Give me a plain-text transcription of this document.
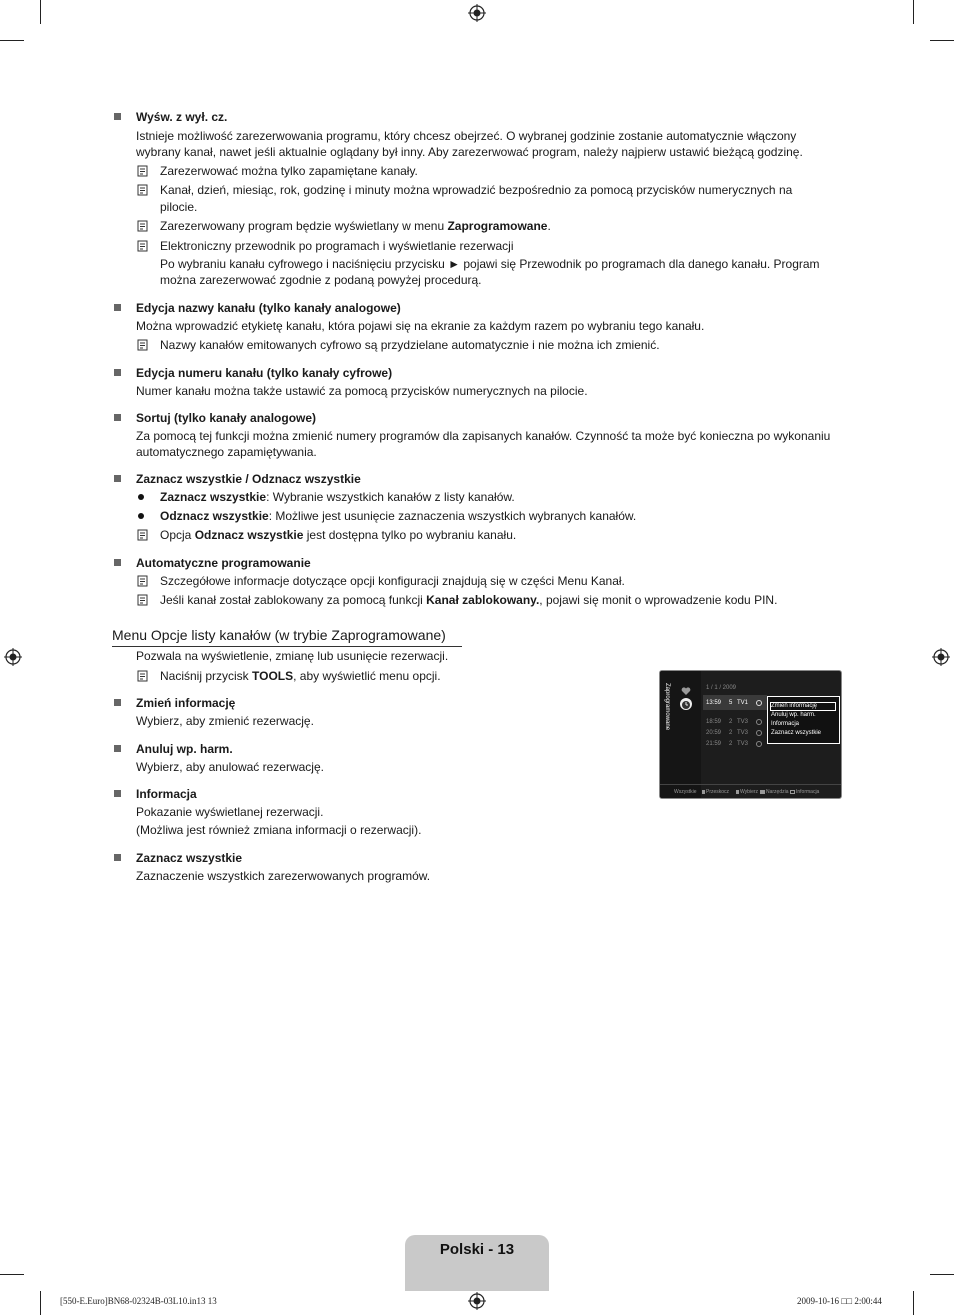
Wyśw. z wył. cz.
Istnieje możliwość zarezerwowania programu, który chcesz obejrzeć. O wybranej godzinie zostanie automatycznie włączony
wybrany kanał, nawet jeśli aktualnie oglądany był inny. Aby zarezerwować program, należy najpierw ustawić bieżącą godzinę.
Zarezerwować można tylko zapamiętane kanały.
Kanał, dzień, miesiąc, rok, godzinę i minuty można wprowadzić bezpośrednio za pomocą przycisków numerycznych na
pilocie.
Zarezerwowany program będzie wyświetlany w menu Zaprogramowane.
Elektroniczny przewodnik po programach i wyświetlanie rezerwacji
Po wybraniu kanału cyfrowego i naciśnięciu przycisku ► pojawi się Przewodnik po programach dla danego kanału. Program
można zarezerwować zgodnie z podaną powyżej procedurą.
Edycja nazwy kanału (tylko kanały analogowe)
Można wprowadzić etykietę kanału, która pojawi się na ekranie za każdym razem po wybraniu tego kanału.
Nazwy kanałów emitowanych cyfrowo są przydzielane automatycznie i nie można ich zmienić.
Edycja numeru kanału (tylko kanały cyfrowe)
Numer kanału można także ustawić za pomocą przycisków numerycznych na pilocie.
Sortuj (tylko kanały analogowe)
Za pomocą tej funkcji można zmienić numery programów dla zapisanych kanałów. Czynność ta może być konieczna po wykonaniu
automatycznego zapamiętywania.
Zaznacz wszystkie / Odznacz wszystkie
Zaznacz wszystkie: Wybranie wszystkich kanałów z listy kanałów.
Odznacz wszystkie: Możliwe jest usunięcie zaznaczenia wszystkich wybranych kanałów.
Opcja Odznacz wszystkie jest dostępna tylko po wybraniu kanału.
Automatyczne programowanie
Szczegółowe informacje dotyczące opcji konfiguracji znajdują się w części Menu Kanał.
Jeśli kanał został zablokowany za pomocą funkcji Kanał zablokowany., pojawi się monit o wprowadzenie kodu PIN.
Menu Opcje listy kanałów (w trybie Zaprogramowane)
Pozwala na wyświetlenie, zmianę lub usunięcie rezerwacji.
Naciśnij przycisk TOOLS, aby wyświetlić menu opcji.
Zmień informację
Wybierz, aby zmienić rezerwację.
Anuluj wp. harm.
Wybierz, aby anulować rezerwację.
Informacja
Pokazanie wyświetlanej rezerwacji.
(Możliwa jest również zmiana informacji o rezerwacji).
Zaznacz wszystkie
Zaznaczenie wszystkich zarezerwowanych programów.
Zaprogramowane	1 / 1 / 2009
13:59 5 TV1
18:59 2 TV3
20:59 2 TV3
21:59 2 TV3
Zmień informację
Anuluj wp. harm.
Informacja
Zaznacz wszystkie
Wszystkie Przeskocz Wybierz Narzędzia Informacja
Polski - 13
[550-E.Euro]BN68-02324B-03L10.in13 13	2009-10-16 □□ 2:00:44
